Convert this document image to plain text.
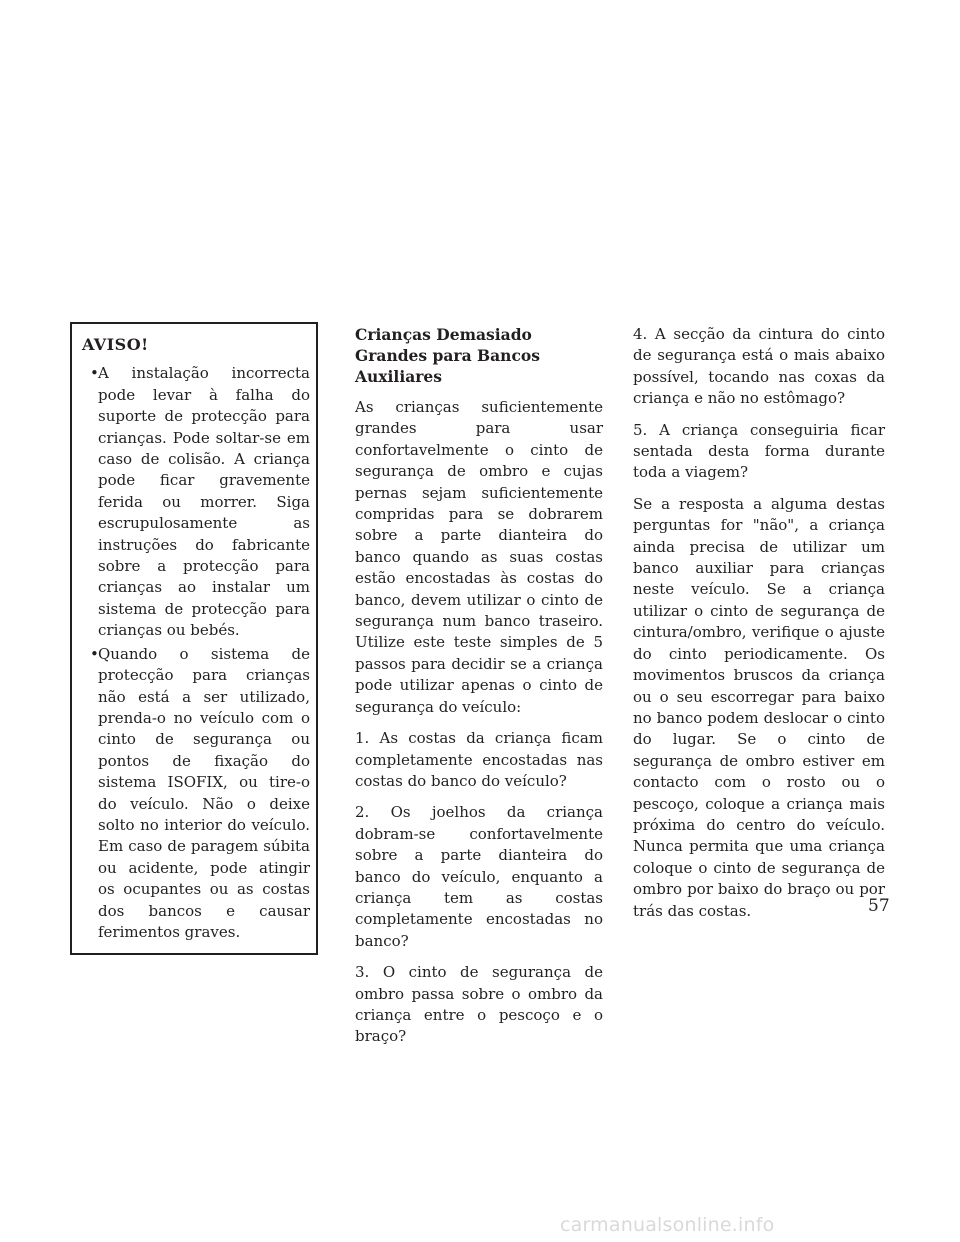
AVISO!
•A instalação incorrecta pode levar à falha do suporte de protecção para crianças. Pode soltar-se em caso de colisão. A criança pode ficar gravemente ferida ou morrer. Siga escrupulosamente as instruções do fabricante sobre a protecção para crianças ao instalar um sistema de protecção para crianças ou bebés.
•Quando o sistema de protecção para crianças não está a ser utilizado, prenda-o no veículo com o cinto de segurança ou pontos de fixação do sistema ISOFIX, ou tire-o do veículo. Não o deixe solto no interior do veículo. Em caso de paragem súbita ou acidente, pode atingir os ocupantes ou as costas dos bancos e causar ferimentos graves.
Crianças Demasiado Grandes para Bancos Auxiliares

As crianças suficientemente grandes para usar confortavelmente o cinto de segurança de ombro e cujas pernas sejam suficientemente compridas para se dobrarem sobre a parte dianteira do banco quando as suas costas estão encostadas às costas do banco, devem utilizar o cinto de segurança num banco traseiro. Utilize este teste simples de 5 passos para decidir se a criança pode utilizar apenas o cinto de segurança do veículo:

1. As costas da criança ficam completamente encostadas nas costas do banco do veículo?

2. Os joelhos da criança dobram-se confortavelmente sobre a parte dianteira do banco do veículo, enquanto a criança tem as costas completamente encostadas no banco?

3. O cinto de segurança de ombro passa sobre o ombro da criança entre o pescoço e o braço?

4. A secção da cintura do cinto de segurança está o mais abaixo possível, tocando nas coxas da criança e não no estômago?

5. A criança conseguiria ficar sentada desta forma durante toda a viagem?

Se a resposta a alguma destas perguntas for "não", a criança ainda precisa de utilizar um banco auxiliar para crianças neste veículo. Se a criança utilizar o cinto de segurança de cintura/ombro, verifique o ajuste do cinto periodicamente. Os movimentos bruscos da criança ou o seu escorregar para baixo no banco podem deslocar o cinto do lugar. Se o cinto de segurança de ombro estiver em contacto com o rosto ou o pescoço, coloque a criança mais próxima do centro do veículo. Nunca permita que uma criança coloque o cinto de segurança de ombro por baixo do braço ou por trás das costas.	57
carmanualsonline.info
